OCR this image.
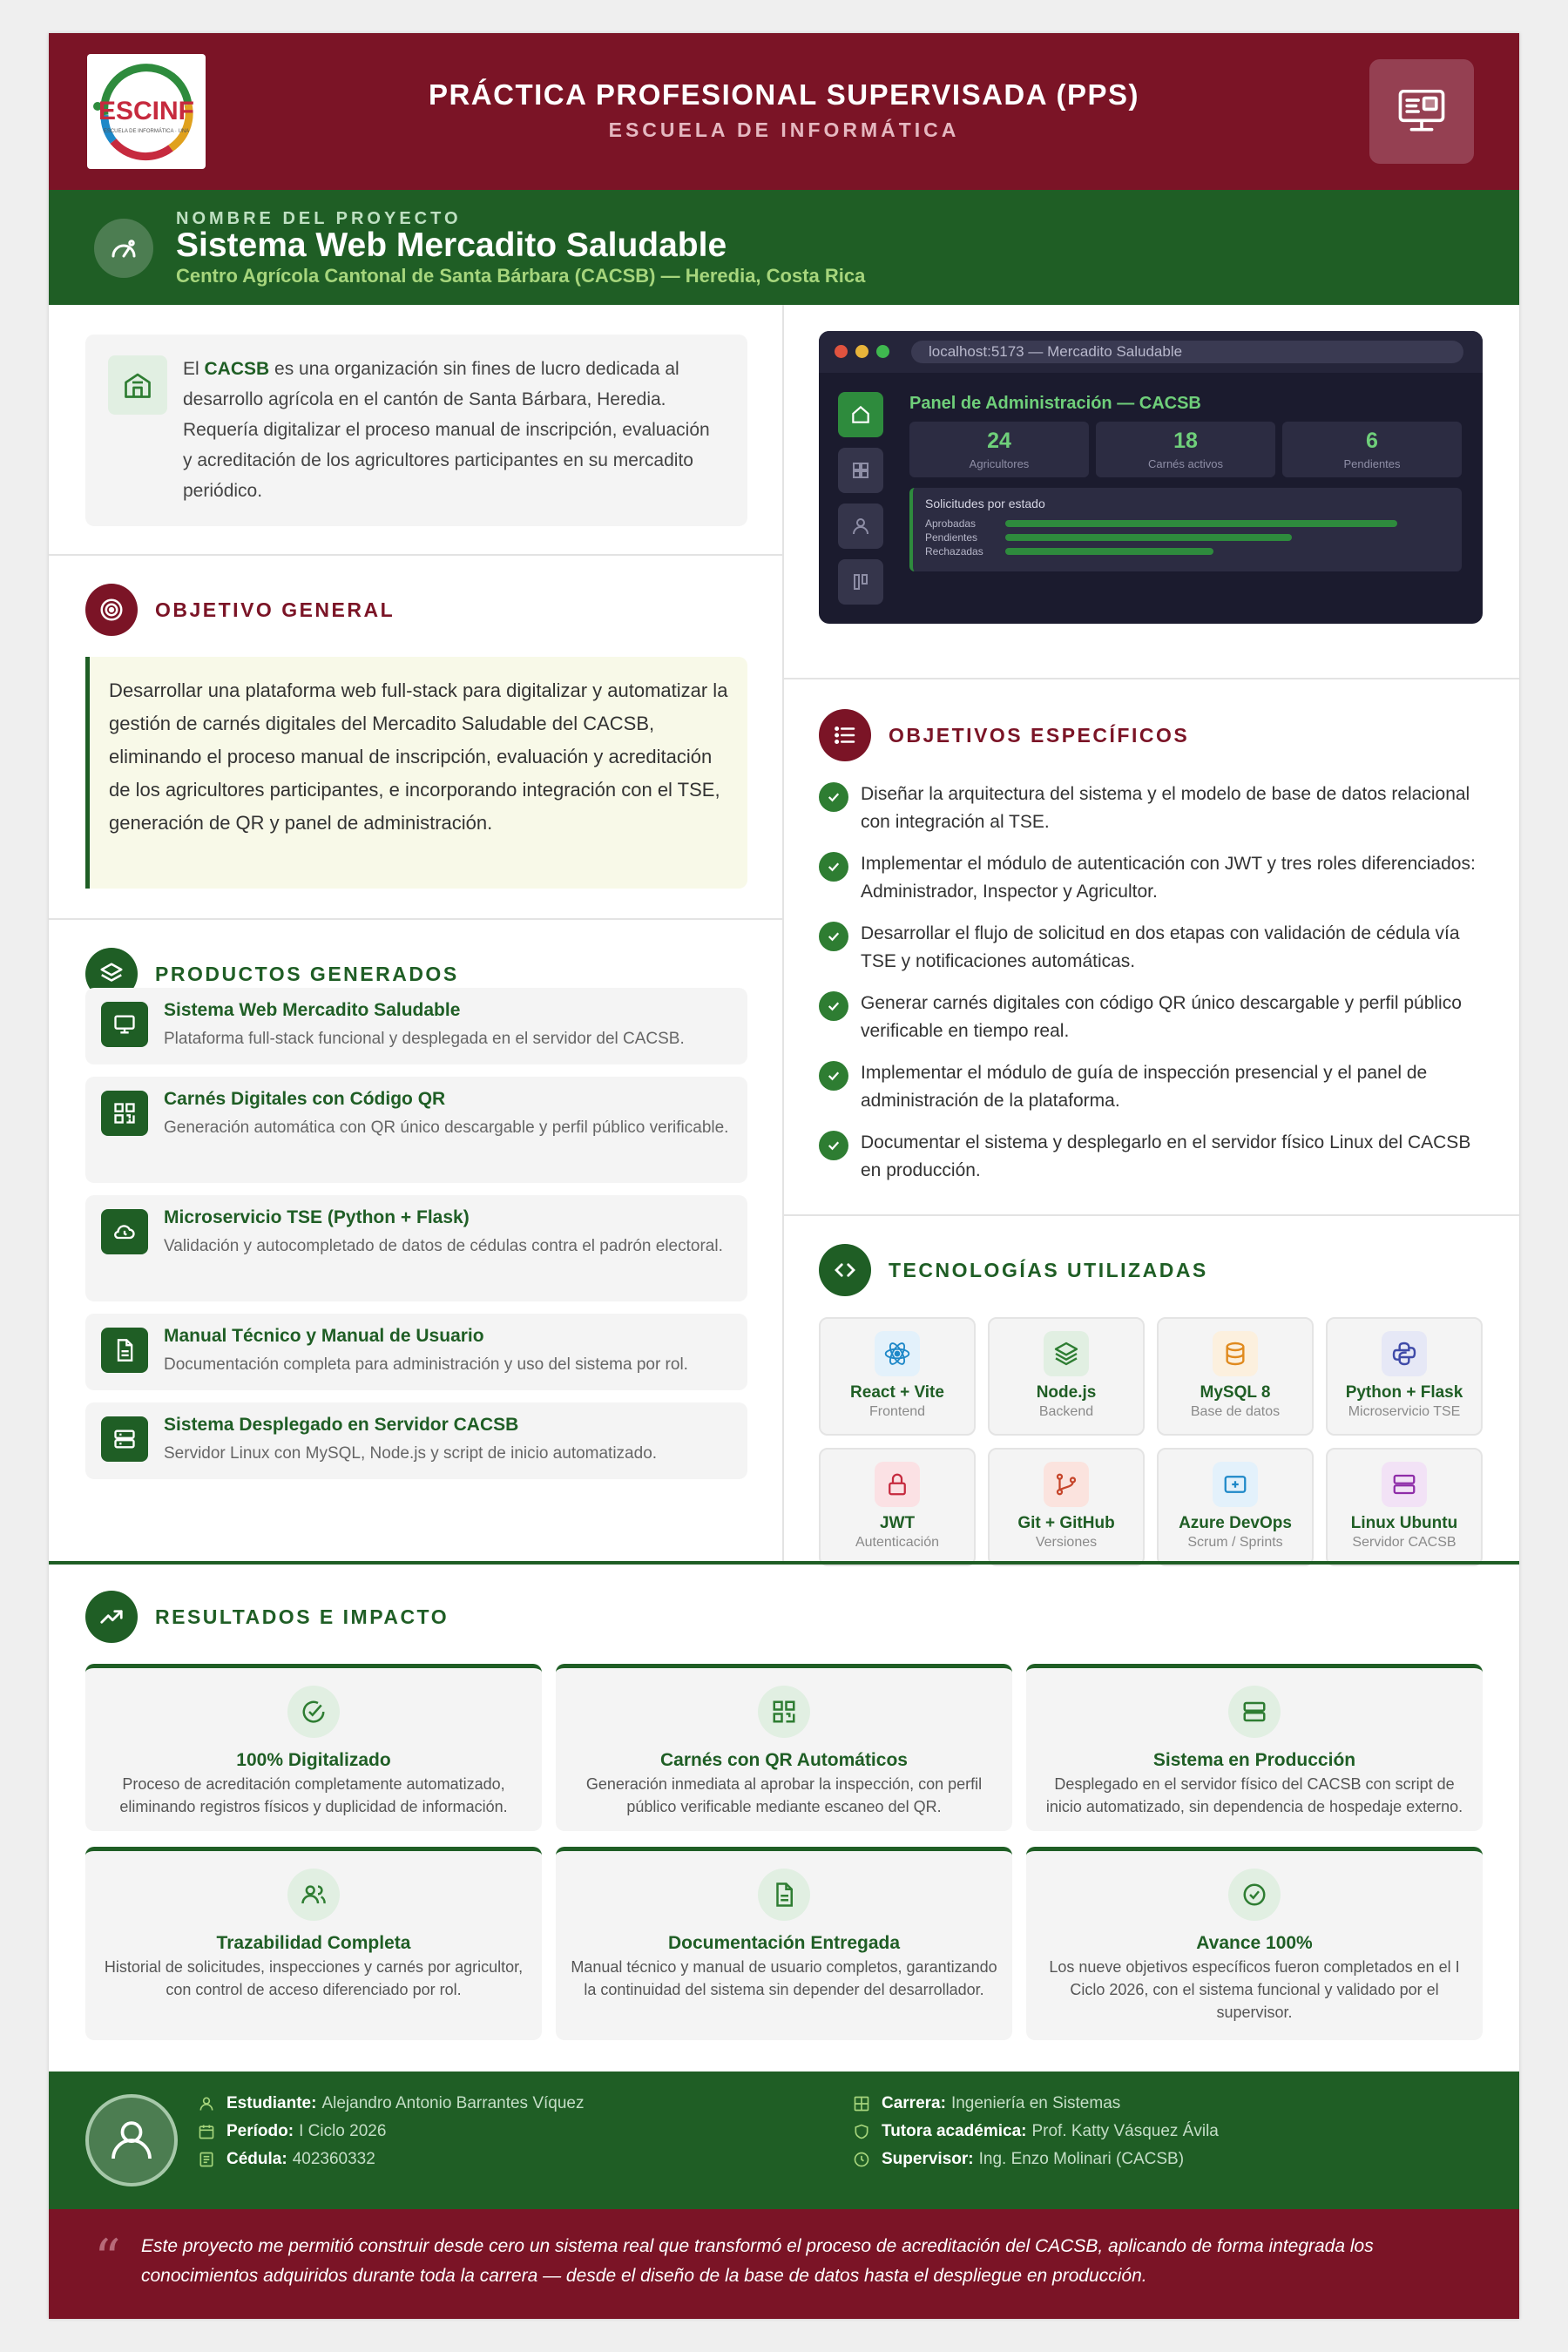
ESCINF
ESCUELA DE INFORMÁTICA · UNA
PRÁCTICA PROFESIONAL SUPERVISADA (PPS)
ESCUELA DE INFORMÁTICA
NOMBRE DEL PROYECTO
Sistema Web Mercadito Saludable
Centro Agrícola Cantonal de Santa Bárbara (CACSB) — Heredia, Costa Rica
El CACSB es una organización sin fines de lucro dedicada al desarrollo agrícola en el cantón de Santa Bárbara, Heredia. Requería digitalizar el proceso manual de inscripción, evaluación y acreditación de los agricultores participantes en su mercadito periódico.
OBJETIVO GENERAL
Desarrollar una plataforma web full-stack para digitalizar y automatizar la gestión de carnés digitales del Mercadito Saludable del CACSB, eliminando el proceso manual de inscripción, evaluación y acreditación de los agricultores participantes, e incorporando integración con el TSE, generación de QR y panel de administración.
PRODUCTOS GENERADOS
Sistema Web Mercadito Saludable
Plataforma full-stack funcional y desplegada en el servidor del CACSB.
Carnés Digitales con Código QR
Generación automática con QR único descargable y perfil público verificable.
Microservicio TSE (Python + Flask)
Validación y autocompletado de datos de cédulas contra el padrón electoral.
Manual Técnico y Manual de Usuario
Documentación completa para administración y uso del sistema por rol.
Sistema Desplegado en Servidor CACSB
Servidor Linux con MySQL, Node.js y script de inicio automatizado.
localhost:5173 — Mercadito Saludable
Panel de Administración — CACSB
24
Agricultores
18
Carnés activos
6
Pendientes
Solicitudes por estado
Aprobadas
Pendientes
Rechazadas
OBJETIVOS ESPECÍFICOS
Diseñar la arquitectura del sistema y el modelo de base de datos relacional con integración al TSE.
Implementar el módulo de autenticación con JWT y tres roles diferenciados: Administrador, Inspector y Agricultor.
Desarrollar el flujo de solicitud en dos etapas con validación de cédula vía TSE y notificaciones automáticas.
Generar carnés digitales con código QR único descargable y perfil público verificable en tiempo real.
Implementar el módulo de guía de inspección presencial y el panel de administración de la plataforma.
Documentar el sistema y desplegarlo en el servidor físico Linux del CACSB en producción.
TECNOLOGÍAS UTILIZADAS
React + Vite
Frontend
Node.js
Backend
MySQL 8
Base de datos
Python + Flask
Microservicio TSE
JWT
Autenticación
Git + GitHub
Versiones
Azure DevOps
Scrum / Sprints
Linux Ubuntu
Servidor CACSB
RESULTADOS E IMPACTO
100% Digitalizado
Proceso de acreditación completamente automatizado, eliminando registros físicos y duplicidad de información.
Carnés con QR Automáticos
Generación inmediata al aprobar la inspección, con perfil público verificable mediante escaneo del QR.
Sistema en Producción
Desplegado en el servidor físico del CACSB con script de inicio automatizado, sin dependencia de hospedaje externo.
Trazabilidad Completa
Historial de solicitudes, inspecciones y carnés por agricultor, con control de acceso diferenciado por rol.
Documentación Entregada
Manual técnico y manual de usuario completos, garantizando la continuidad del sistema sin depender del desarrollador.
Avance 100%
Los nueve objetivos específicos fueron completados en el I Ciclo 2026, con el sistema funcional y validado por el supervisor.
Estudiante: Alejandro Antonio Barrantes Víquez
Período: I Ciclo 2026
Cédula: 402360332
Carrera: Ingeniería en Sistemas
Tutora académica: Prof. Katty Vásquez Ávila
Supervisor: Ing. Enzo Molinari (CACSB)
“ Este proyecto me permitió construir desde cero un sistema real que transformó el proceso de acreditación del CACSB, aplicando de forma integrada los conocimientos adquiridos durante toda la carrera — desde el diseño de la base de datos hasta el despliegue en producción.
